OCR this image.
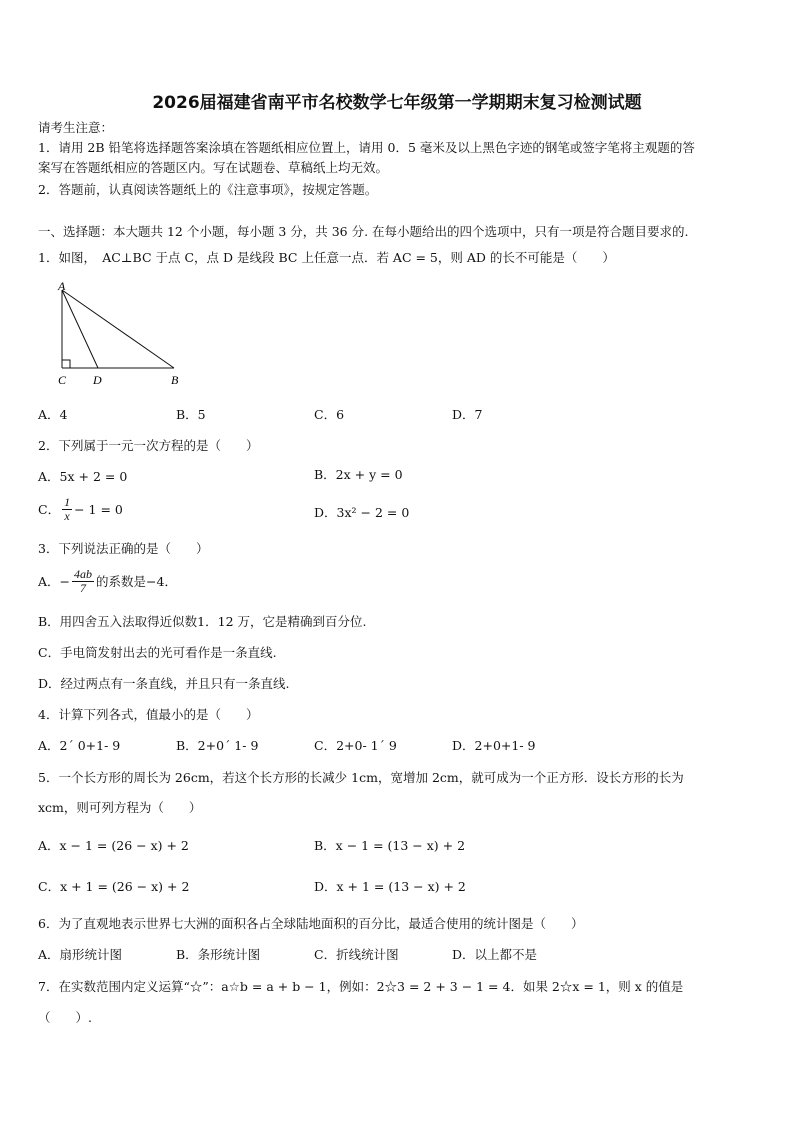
2026届福建省南平市名校数学七年级第一学期期末复习检测试题
请考生注意：
1．请用 2B 铅笔将选择题答案涂填在答题纸相应位置上，请用 0．5 毫米及以上黑色字迹的钢笔或签字笔将主观题的答
案写在答题纸相应的答题区内。写在试题卷、草稿纸上均无效。
2．答题前，认真阅读答题纸上的《注意事项》，按规定答题。
一、选择题：本大题共 12 个小题，每小题 3 分，共 36 分. 在每小题给出的四个选项中，只有一项是符合题目要求的.
1．如图，　AC⊥BC 于点 C，点 D 是线段 BC 上任意一点．若 AC = 5，则 AD 的长不可能是（　　）
A
C D	B
A．4	B．5	C．6	D．7
2．下列属于一元一次方程的是（　　）
A．5x + 2 = 0	B．2x + y = 0
C． $\frac{1}{x} - 1 = 0$	D．3x² − 2 = 0
3．下列说法正确的是（　　）
A．− $\frac{4ab}{7}$ 的系数是−4．
B．用四舍五入法取得近似数1．12 万，它是精确到百分位.
C．手电筒发射出去的光可看作是一条直线.
D．经过两点有一条直线，并且只有一条直线.
4．计算下列各式，值最小的是（　　）
A．2´ 0+1- 9	B．2+0´ 1- 9	C．2+0- 1´ 9	D．2+0+1- 9
5．一个长方形的周长为 26cm，若这个长方形的长减少 1cm，宽增加 2cm，就可成为一个正方形．设长方形的长为
xcm，则可列方程为（　　）
A．x − 1 = (26 − x) + 2	B．x − 1 = (13 − x) + 2
C．x + 1 = (26 − x) + 2	D．x + 1 = (13 − x) + 2
6．为了直观地表示世界七大洲的面积各占全球陆地面积的百分比，最适合使用的统计图是（　　）
A．扇形统计图	B．条形统计图	C．折线统计图	D．以上都不是
7．在实数范围内定义运算“☆”：a☆b = a + b − 1，例如：2☆3 = 2 + 3 − 1 = 4．如果 2☆x = 1，则 x 的值是
（　　）.
